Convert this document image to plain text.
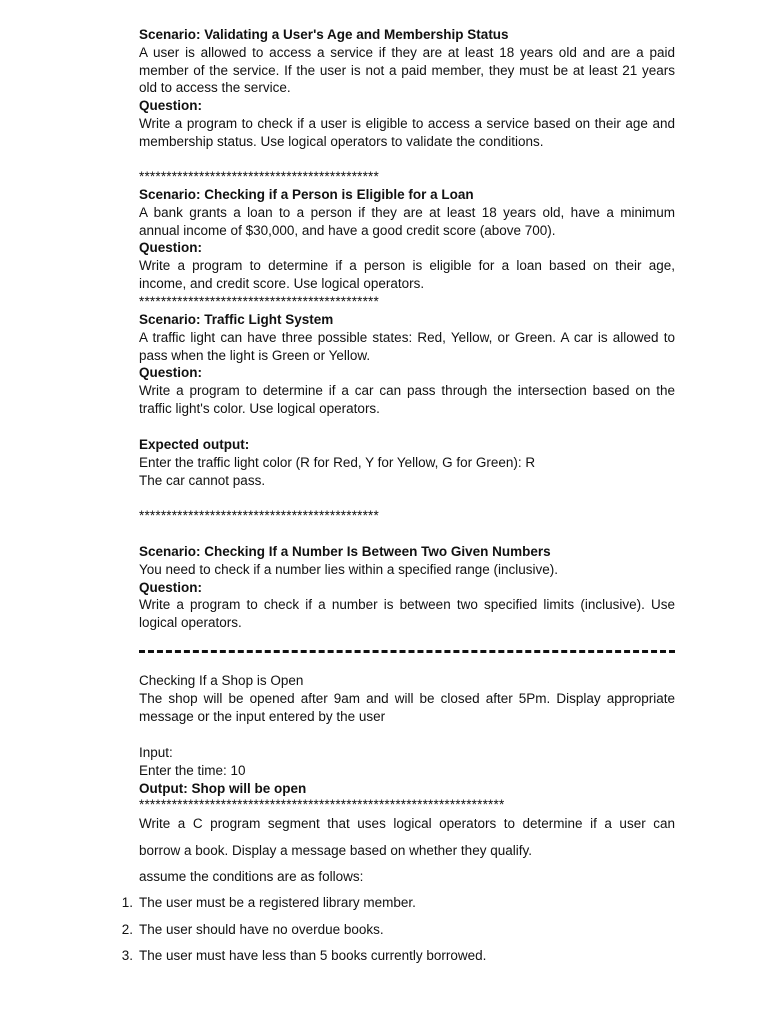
Scenario: Validating a User's Age and Membership Status
A user is allowed to access a service if they are at least 18 years old and are a paid
member of the service. If the user is not a paid member, they must be at least 21 years
old to access the service.
Question:
Write a program to check if a user is eligible to access a service based on their age and
membership status. Use logical operators to validate the conditions.
********************************************
Scenario: Checking if a Person is Eligible for a Loan
A bank grants a loan to a person if they are at least 18 years old, have a minimum
annual income of $30,000, and have a good credit score (above 700).
Question:
Write a program to determine if a person is eligible for a loan based on their age,
income, and credit score. Use logical operators.
********************************************
Scenario: Traffic Light System
A traffic light can have three possible states: Red, Yellow, or Green. A car is allowed to
pass when the light is Green or Yellow.
Question:
Write a program to determine if a car can pass through the intersection based on the
traffic light's color. Use logical operators.
Expected output:
Enter the traffic light color (R for Red, Y for Yellow, G for Green): R
The car cannot pass.
********************************************
Scenario: Checking If a Number Is Between Two Given Numbers
You need to check if a number lies within a specified range (inclusive).
Question:
Write a program to check if a number is between two specified limits (inclusive). Use
logical operators.
Checking If a Shop is Open
The shop will be opened after 9am and will be closed after 5Pm. Display appropriate
message or the input entered by the user
Input:
Enter the time: 10
Output: Shop will be open
*******************************************************************
Write a C program segment that uses logical operators to determine if a user can
borrow a book. Display a message based on whether they qualify.
assume the conditions are as follows:
1. The user must be a registered library member.
2. The user should have no overdue books.
3. The user must have less than 5 books currently borrowed.
